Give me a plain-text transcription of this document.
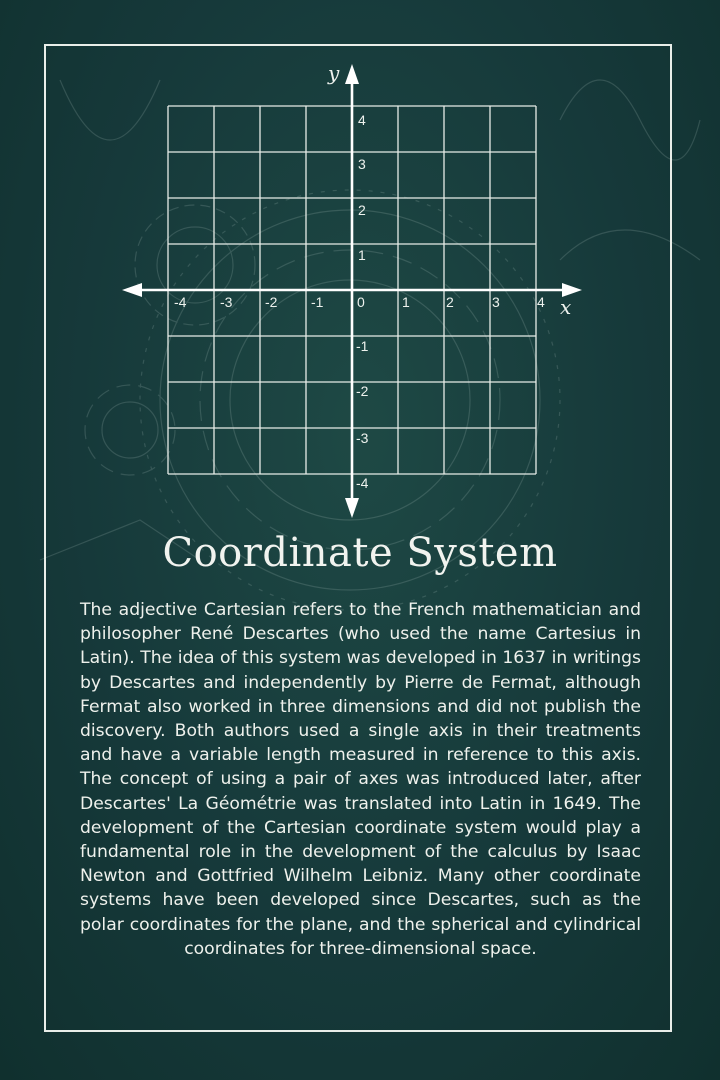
-4 -3 -2 -1 0	1	2	3	4
4
3
2
1
-1
-2
-3
-4
x
y
Coordinate System
The adjective Cartesian refers to the French mathematician and philosopher René Descartes (who used the name Cartesius in Latin). The idea of this system was developed in 1637 in writings by Descartes and independently by Pierre de Fermat, although Fermat also worked in three dimensions and did not publish the discovery. Both authors used a single axis in their treatments and have a variable length measured in reference to this axis. The concept of using a pair of axes was introduced later, after Descartes' La Géométrie was translated into Latin in 1649. The development of the Cartesian coordinate system would play a fundamental role in the development of the calculus by Isaac Newton and Gottfried Wilhelm Leibniz. Many other coordinate systems have been developed since Descartes, such as the polar coordinates for the plane, and the spherical and cylindrical coordinates for three-dimensional space.
